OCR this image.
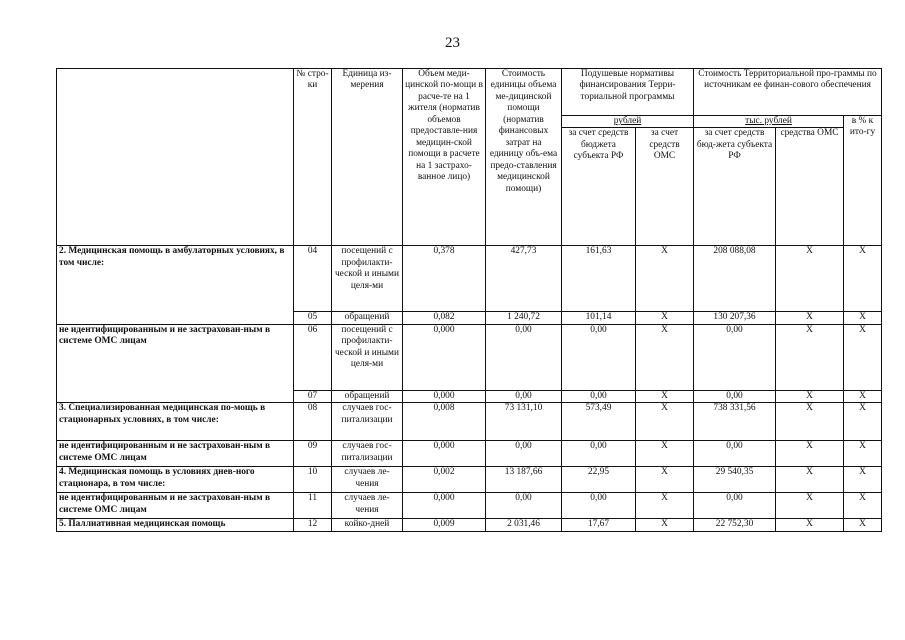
23
	№ стро-ки	Единица из-мерения	Объем меди-цинской по-мощи в расче-те на 1 жителя (норматив объемов предоставле-ния медицин-ской помощи в расчете на 1 застрахо-ванное лицо)	Стоимость единицы объема ме-дицинской помощи (норматив финансовых затрат на единицу объ-ема предо-ставления медицинской помощи)	Подушевые нормативы финансирования Терри-ториальной программы		Стоимость Территориальной про-граммы по источникам ее финан-сового обеспечения		
					рублей		тыс. рублей		в % к ито-гу
					за счет средств бюджета субъекта РФ	за счет средств ОМС	за счет средств бюд-жета субъекта РФ	средства ОМС	
2. Медицинская помощь в амбулаторных условиях, в том числе:	04	посещений с профилакти-ческой и иными целя-ми	0,378	427,73	161,63	X	208 088,08	X	X
	05	обращений	0,082	1 240,72	101,14	X	130 207,36	X	X
не идентифицированным и не застрахован-ным в системе ОМС лицам	06	посещений с профилакти-ческой и иными целя-ми	0,000	0,00	0,00	X	0,00	X	X
	07	обращений	0,000	0,00	0,00	X	0,00	X	X
3. Специализированная медицинская по-мощь в стационарных условиях, в том числе:	08	случаев гос-питализации	0,008	73 131,10	573,49	X	738 331,56	X	X
не идентифицированным и не застрахован-ным в системе ОМС лицам	09	случаев гос-питализации	0,000	0,00	0,00	X	0,00	X	X
4. Медицинская помощь в условиях днев-ного стационара, в том числе:	10	случаев ле-чения	0,002	13 187,66	22,95	X	29 540,35	X	X
не идентифицированным и не застрахован-ным в системе ОМС лицам	11	случаев ле-чения	0,000	0,00	0,00	X	0,00	X	X
5. Паллиативная медицинская помощь	12	койко-дней	0,009	2 031,46	17,67	X	22 752,30	X	X
